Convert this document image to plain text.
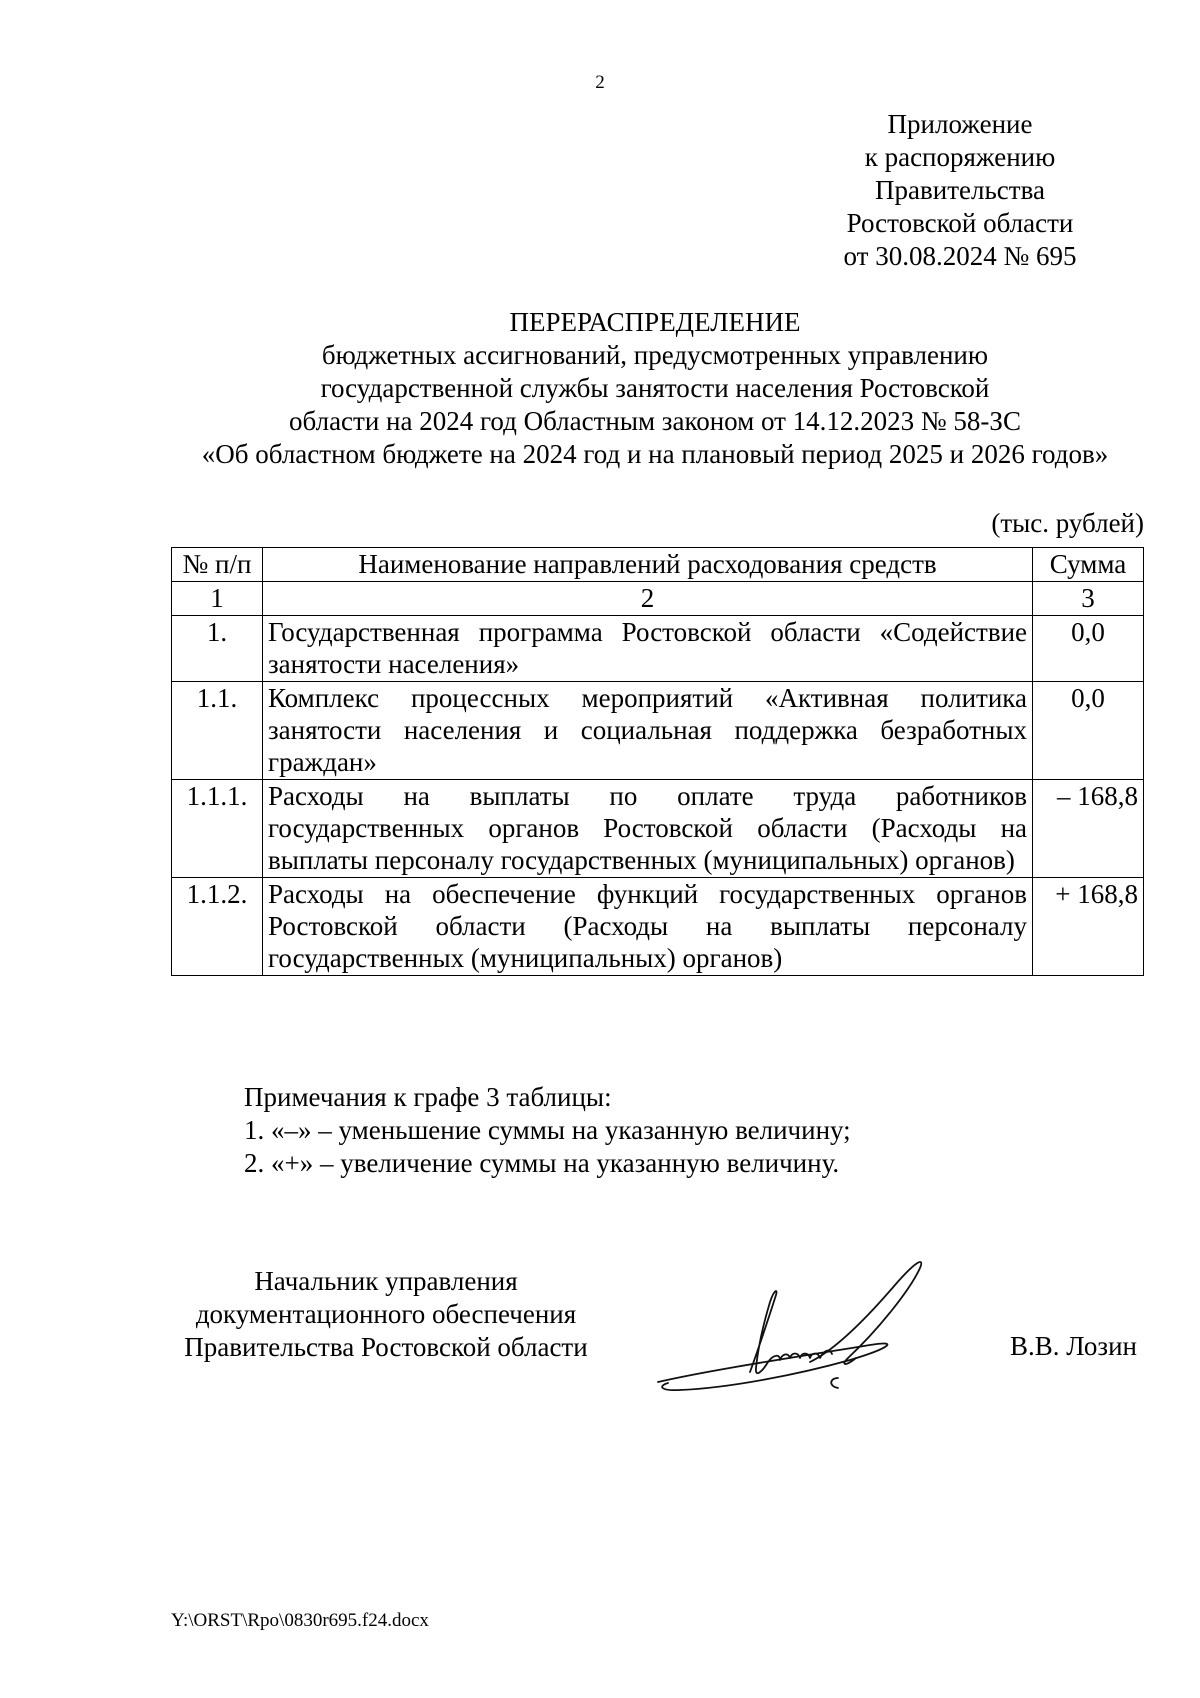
2
Приложение
к распоряжению
Правительства
Ростовской области
от 30.08.2024 № 695
ПЕРЕРАСПРЕДЕЛЕНИЕ
бюджетных ассигнований, предусмотренных управлению
государственной службы занятости населения Ростовской
области на 2024 год Областным законом от 14.12.2023 № 58-ЗС
«Об областном бюджете на 2024 год и на плановый период 2025 и 2026 годов»
(тыс. рублей)
№ п/п	Наименование направлений расходования средств	Сумма
1	2	3
1.	Государственная программа Ростовской области «Содействие занятости населения»	0,0
1.1.	Комплекс процессных мероприятий «Активная политика занятости населения и социальная поддержка безработных граждан»	0,0
1.1.1.	Расходы на выплаты по оплате труда работников государственных органов Ростовской области (Расходы на выплаты персоналу государственных (муниципальных) органов)	– 168,8
1.1.2.	Расходы на обеспечение функций государственных органов Ростовской области (Расходы на выплаты персоналу государственных (муниципальных) органов)	+ 168,8
Примечания к графе 3 таблицы:
1. «–» – уменьшение суммы на указанную величину;
2. «+» – увеличение суммы на указанную величину.
Начальник управления
документационного обеспечения
Правительства Ростовской области	В.В. Лозин
Y:\ORST\Rpo\0830r695.f24.docx
